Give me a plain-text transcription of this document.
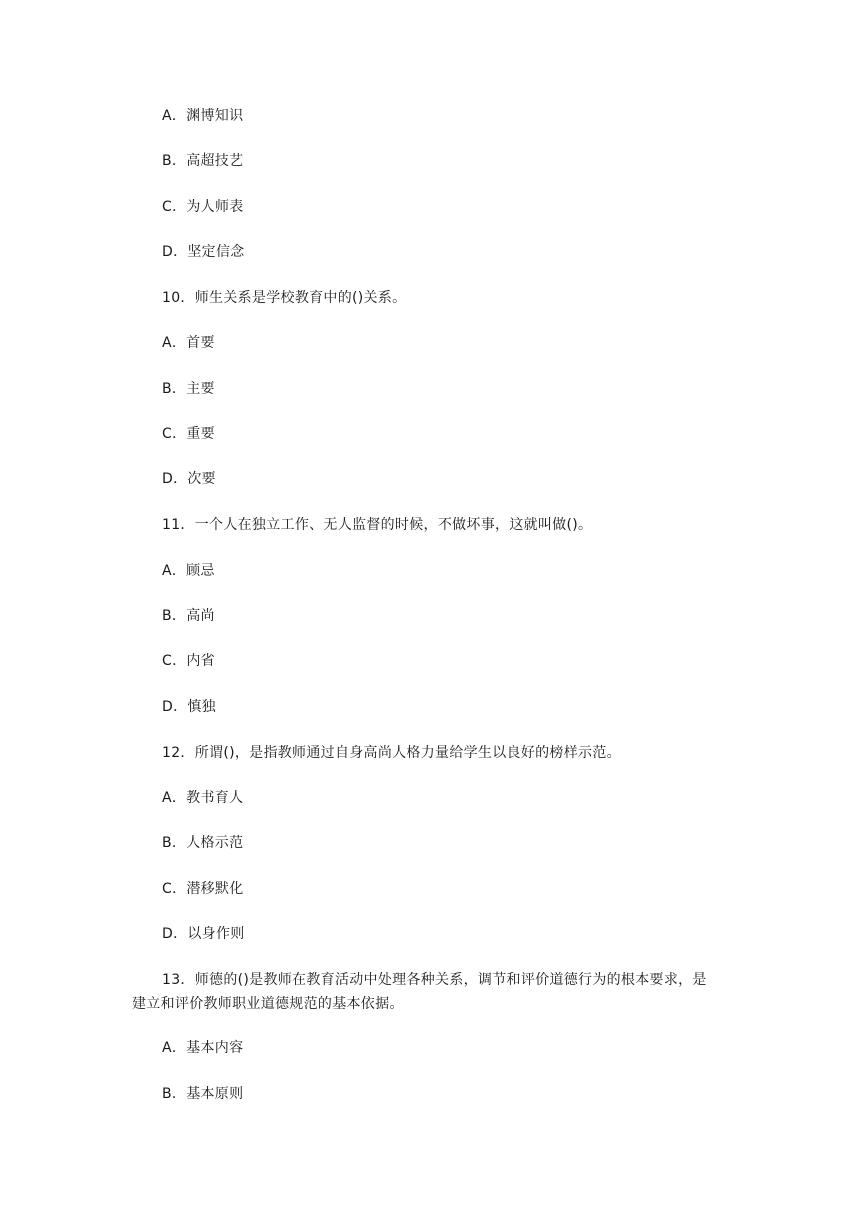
A．渊博知识
B．高超技艺
C．为人师表
D．坚定信念
10．师生关系是学校教育中的()关系。
A．首要
B．主要
C．重要
D．次要
11．一个人在独立工作、无人监督的时候，不做坏事，这就叫做()。
A．顾忌
B．高尚
C．内省
D．慎独
12．所谓()，是指教师通过自身高尚人格力量给学生以良好的榜样示范。
A．教书育人
B．人格示范
C．潜移默化
D．以身作则
13．师德的()是教师在教育活动中处理各种关系，调节和评价道德行为的根本要求，是
建立和评价教师职业道德规范的基本依据。
A．基本内容
B．基本原则
